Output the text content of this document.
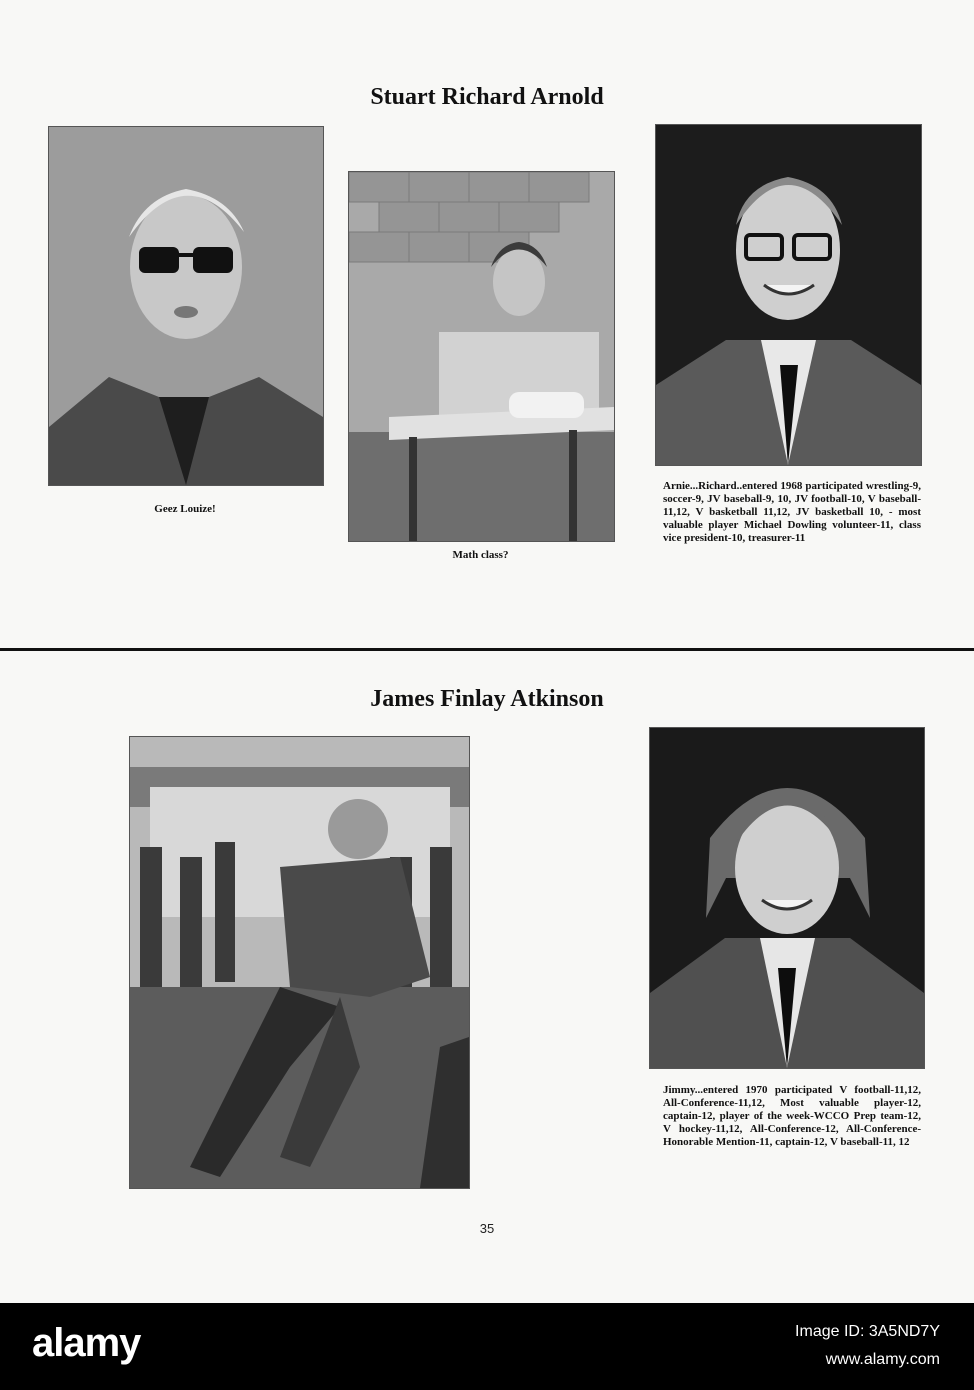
Stuart Richard Arnold
Geez Louize!
Math class?
Arnie...Richard..entered 1968 participated wrestling-9, soccer-9, JV baseball-9, 10, JV football-10, V baseball-11,12, V basketball 11,12, JV basketball 10, - most valuable player Michael Dowling volunteer-11, class vice president-10, treasurer-11
James Finlay Atkinson
Jimmy...entered 1970 participated V football-11,12, All-Conference-11,12, Most valuable player-12, captain-12, player of the week-WCCO Prep team-12, V hockey-11,12, All-Conference-12, All-Conference-Honorable Mention-11, captain-12, V baseball-11, 12
35
alamy	Image ID: 3A5ND7Y
www.alamy.com
